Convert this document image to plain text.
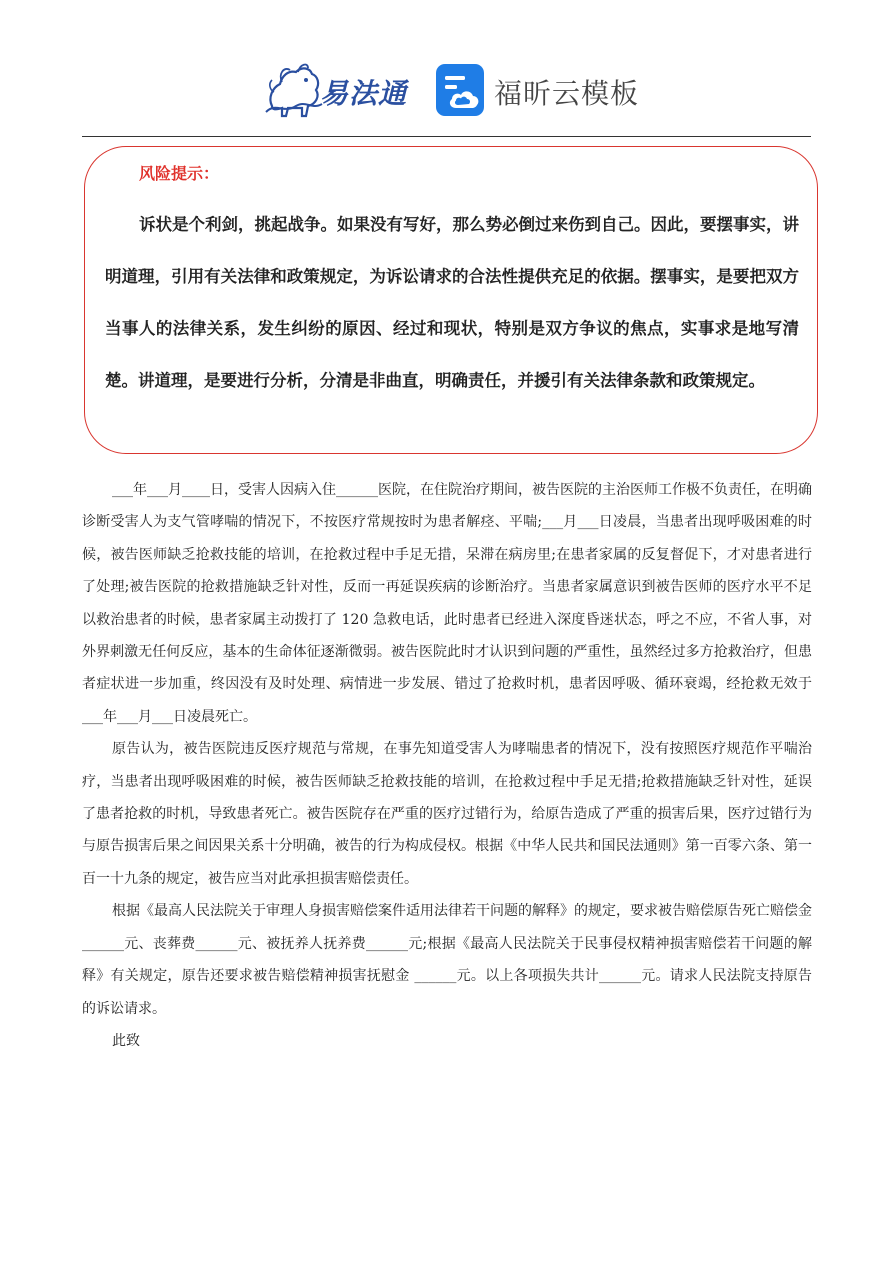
易法通	福昕云模板
风险提示：
诉状是个利剑，挑起战争。如果没有写好，那么势必倒过来伤到自己。因此，要摆事实，讲明道理，引用有关法律和政策规定，为诉讼请求的合法性提供充足的依据。摆事实，是要把双方当事人的法律关系，发生纠纷的原因、经过和现状，特别是双方争议的焦点，实事求是地写清楚。讲道理，是要进行分析，分清是非曲直，明确责任，并援引有关法律条款和政策规定。

___年___月____日，受害人因病入住______医院，在住院治疗期间，被告医院的主治医师工作极不负责任，在明确诊断受害人为支气管哮喘的情况下，不按医疗常规按时为患者解痉、平喘;___月___日凌晨，当患者出现呼吸困难的时候，被告医师缺乏抢救技能的培训，在抢救过程中手足无措，呆滞在病房里;在患者家属的反复督促下，才对患者进行了处理;被告医院的抢救措施缺乏针对性，反而一再延误疾病的诊断治疗。当患者家属意识到被告医师的医疗水平不足以救治患者的时候，患者家属主动拨打了 120 急救电话，此时患者已经进入深度昏迷状态，呼之不应，不省人事，对外界刺激无任何反应，基本的生命体征逐渐微弱。被告医院此时才认识到问题的严重性，虽然经过多方抢救治疗，但患者症状进一步加重，终因没有及时处理、病情进一步发展、错过了抢救时机，患者因呼吸、循环衰竭，经抢救无效于___年___月___日凌晨死亡。

原告认为，被告医院违反医疗规范与常规，在事先知道受害人为哮喘患者的情况下，没有按照医疗规范作平喘治疗，当患者出现呼吸困难的时候，被告医师缺乏抢救技能的培训，在抢救过程中手足无措;抢救措施缺乏针对性，延误了患者抢救的时机，导致患者死亡。被告医院存在严重的医疗过错行为，给原告造成了严重的损害后果，医疗过错行为与原告损害后果之间因果关系十分明确，被告的行为构成侵权。根据《中华人民共和国民法通则》第一百零六条、第一百一十九条的规定，被告应当对此承担损害赔偿责任。

根据《最高人民法院关于审理人身损害赔偿案件适用法律若干问题的解释》的规定，要求被告赔偿原告死亡赔偿金______元、丧葬费______元、被抚养人抚养费______元;根据《最高人民法院关于民事侵权精神损害赔偿若干问题的解释》有关规定，原告还要求被告赔偿精神损害抚慰金 ______元。以上各项损失共计______元。请求人民法院支持原告的诉讼请求。

此致
